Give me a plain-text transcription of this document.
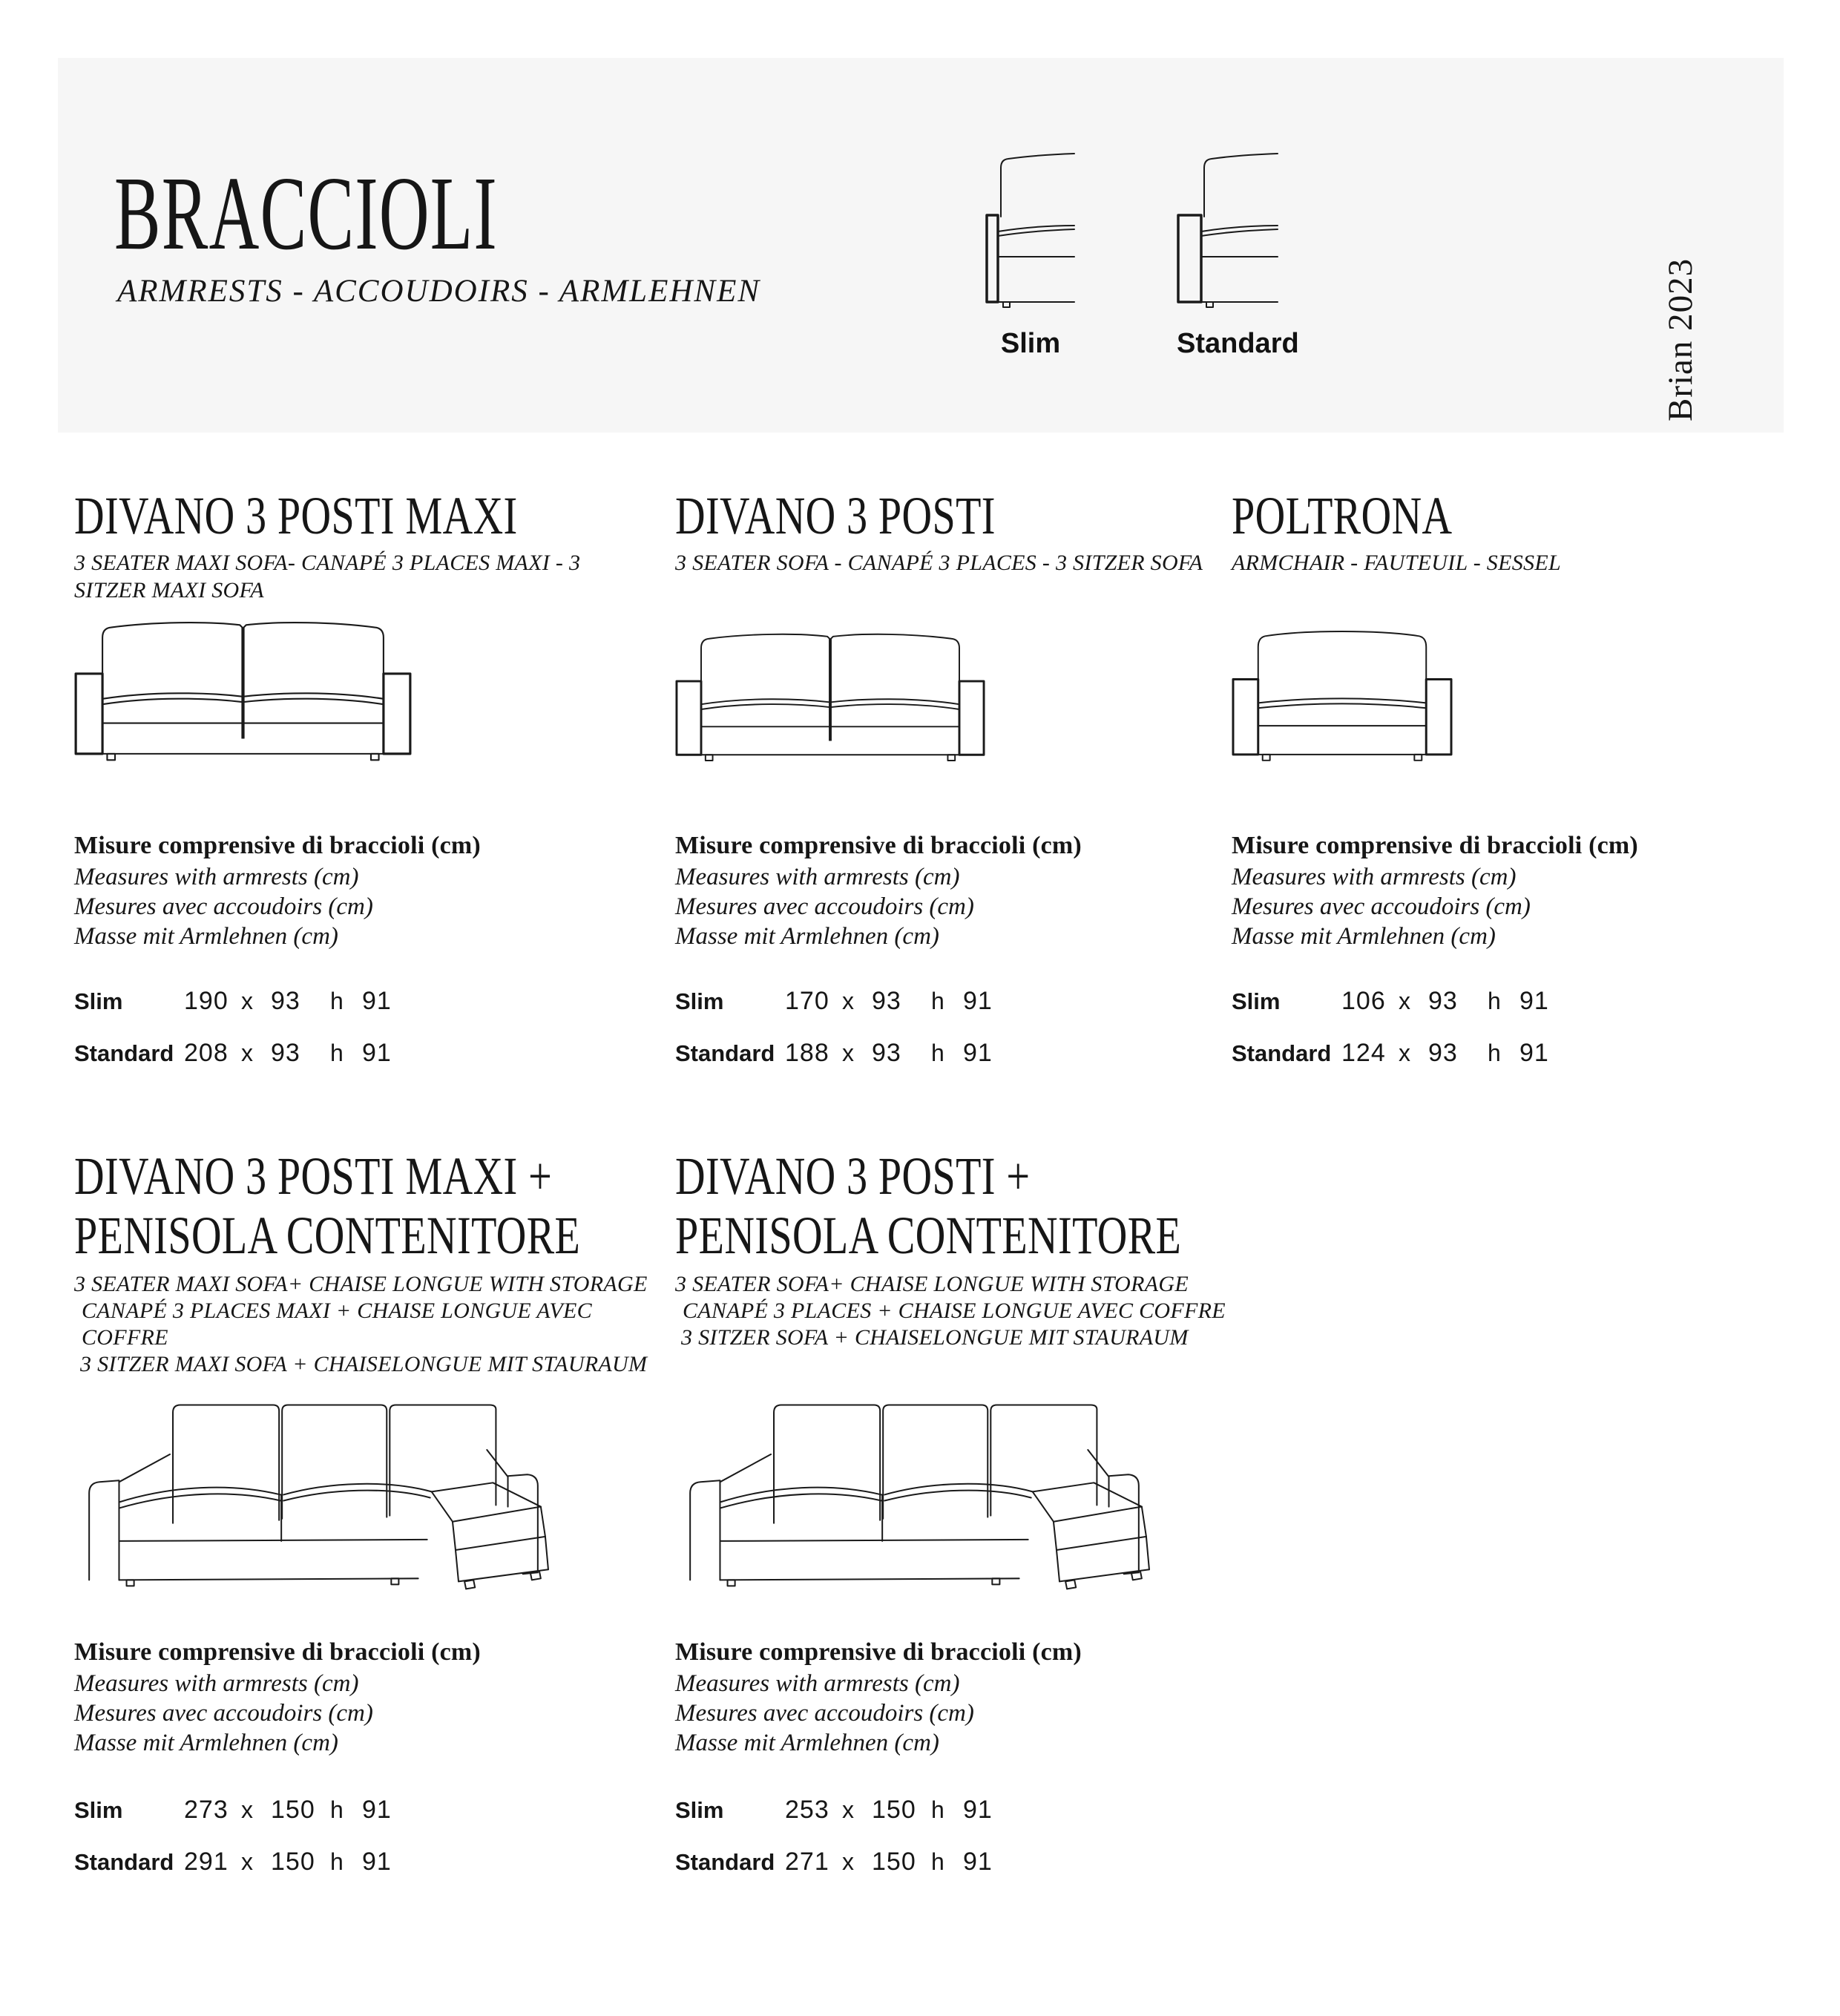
BRACCIOLI
ARMRESTS - ACCOUDOIRS - ARMLEHNEN
Slim	Standard	Brian 2023
DIVANO 3 POSTI MAXI
3 SEATER MAXI SOFA- CANAPÉ 3 PLACES MAXI - 3 SITZER MAXI SOFA
Misure comprensive di braccioli (cm)
Measures with armrests (cm)
Mesures avec accoudoirs (cm)
Masse mit Armlehnen (cm)
Slim	190 x 93	h 91
Standard 208 x 93	h 91
DIVANO 3 POSTI
3 SEATER SOFA - CANAPÉ 3 PLACES - 3 SITZER SOFA
Misure comprensive di braccioli (cm)
Measures with armrests (cm)
Mesures avec accoudoirs (cm)
Masse mit Armlehnen (cm)
Slim	170 x 93	h 91
Standard 188 x 93	h 91
POLTRONA
ARMCHAIR - FAUTEUIL - SESSEL
Misure comprensive di braccioli (cm)
Measures with armrests (cm)
Mesures avec accoudoirs (cm)
Masse mit Armlehnen (cm)
Slim	106 x 93	h 91
Standard 124 x 93	h 91
DIVANO 3 POSTI MAXI +
PENISOLA CONTENITORE
3 SEATER MAXI SOFA+ CHAISE LONGUE WITH STORAGE
CANAPÉ 3 PLACES MAXI + CHAISE LONGUE AVEC COFFRE
3 SITZER MAXI SOFA + CHAISELONGUE MIT STAURAUM
Misure comprensive di braccioli (cm)
Measures with armrests (cm)
Mesures avec accoudoirs (cm)
Masse mit Armlehnen (cm)
Slim	273 x 150 h 91
Standard 291 x 150 h 91
DIVANO 3 POSTI +
PENISOLA CONTENITORE
3 SEATER SOFA+ CHAISE LONGUE WITH STORAGE
CANAPÉ 3 PLACES + CHAISE LONGUE AVEC COFFRE
3 SITZER SOFA + CHAISELONGUE MIT STAURAUM
Misure comprensive di braccioli (cm)
Measures with armrests (cm)
Mesures avec accoudoirs (cm)
Masse mit Armlehnen (cm)
Slim	253 x 150 h 91
Standard 271 x 150 h 91
